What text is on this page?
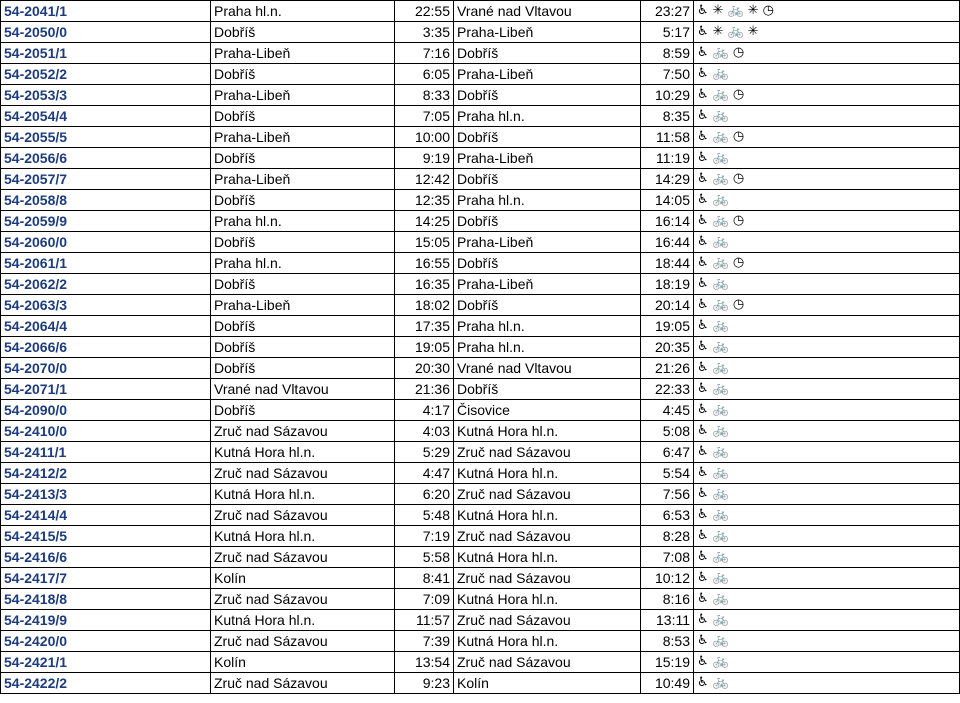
54-2041/1	Praha hl.n.	22:55	Vrané nad Vltavou	23:27	♿ ✳ 🚲 ✳ ◷
54-2050/0	Dobříš	3:35	Praha-Libeň	5:17	♿ ✳ 🚲 ✳
54-2051/1	Praha-Libeň	7:16	Dobříš	8:59	♿ 🚲 ◷
54-2052/2	Dobříš	6:05	Praha-Libeň	7:50	♿ 🚲
54-2053/3	Praha-Libeň	8:33	Dobříš	10:29	♿ 🚲 ◷
54-2054/4	Dobříš	7:05	Praha hl.n.	8:35	♿ 🚲
54-2055/5	Praha-Libeň	10:00	Dobříš	11:58	♿ 🚲 ◷
54-2056/6	Dobříš	9:19	Praha-Libeň	11:19	♿ 🚲
54-2057/7	Praha-Libeň	12:42	Dobříš	14:29	♿ 🚲 ◷
54-2058/8	Dobříš	12:35	Praha hl.n.	14:05	♿ 🚲
54-2059/9	Praha hl.n.	14:25	Dobříš	16:14	♿ 🚲 ◷
54-2060/0	Dobříš	15:05	Praha-Libeň	16:44	♿ 🚲
54-2061/1	Praha hl.n.	16:55	Dobříš	18:44	♿ 🚲 ◷
54-2062/2	Dobříš	16:35	Praha-Libeň	18:19	♿ 🚲
54-2063/3	Praha-Libeň	18:02	Dobříš	20:14	♿ 🚲 ◷
54-2064/4	Dobříš	17:35	Praha hl.n.	19:05	♿ 🚲
54-2066/6	Dobříš	19:05	Praha hl.n.	20:35	♿ 🚲
54-2070/0	Dobříš	20:30	Vrané nad Vltavou	21:26	♿ 🚲
54-2071/1	Vrané nad Vltavou	21:36	Dobříš	22:33	♿ 🚲
54-2090/0	Dobříš	4:17	Čisovice	4:45	♿ 🚲
54-2410/0	Zruč nad Sázavou	4:03	Kutná Hora hl.n.	5:08	♿ 🚲
54-2411/1	Kutná Hora hl.n.	5:29	Zruč nad Sázavou	6:47	♿ 🚲
54-2412/2	Zruč nad Sázavou	4:47	Kutná Hora hl.n.	5:54	♿ 🚲
54-2413/3	Kutná Hora hl.n.	6:20	Zruč nad Sázavou	7:56	♿ 🚲
54-2414/4	Zruč nad Sázavou	5:48	Kutná Hora hl.n.	6:53	♿ 🚲
54-2415/5	Kutná Hora hl.n.	7:19	Zruč nad Sázavou	8:28	♿ 🚲
54-2416/6	Zruč nad Sázavou	5:58	Kutná Hora hl.n.	7:08	♿ 🚲
54-2417/7	Kolín	8:41	Zruč nad Sázavou	10:12	♿ 🚲
54-2418/8	Zruč nad Sázavou	7:09	Kutná Hora hl.n.	8:16	♿ 🚲
54-2419/9	Kutná Hora hl.n.	11:57	Zruč nad Sázavou	13:11	♿ 🚲
54-2420/0	Zruč nad Sázavou	7:39	Kutná Hora hl.n.	8:53	♿ 🚲
54-2421/1	Kolín	13:54	Zruč nad Sázavou	15:19	♿ 🚲
54-2422/2	Zruč nad Sázavou	9:23	Kolín	10:49	♿ 🚲
